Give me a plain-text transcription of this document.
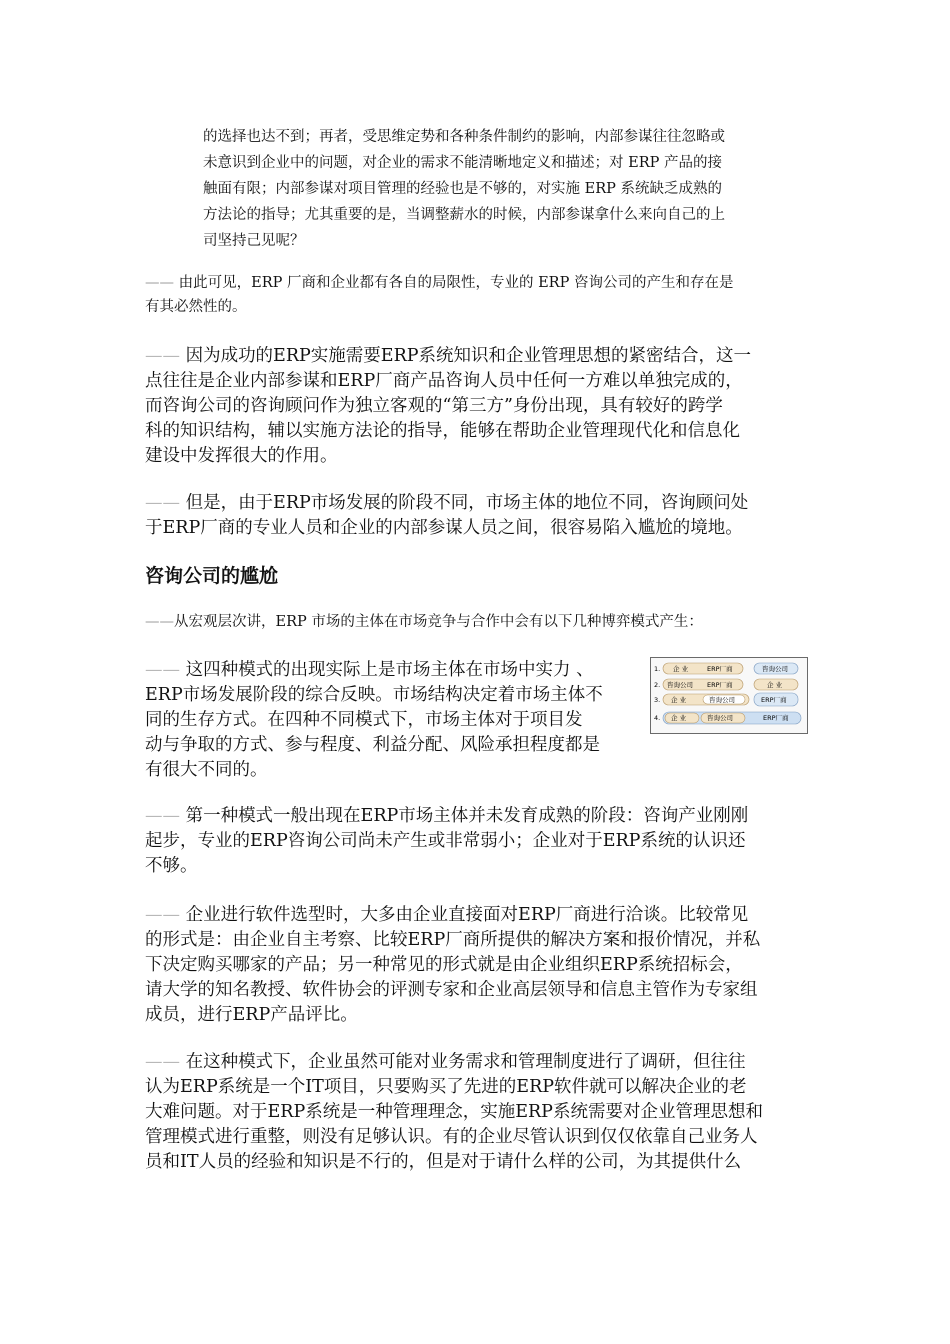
的选择也达不到；再者，受思维定势和各种条件制约的影响，内部参谋往往忽略或
未意识到企业中的问题，对企业的需求不能清晰地定义和描述；对 ERP 产品的接
触面有限；内部参谋对项目管理的经验也是不够的，对实施 ERP 系统缺乏成熟的
方法论的指导；尤其重要的是，当调整薪水的时候，内部参谋拿什么来向自己的上
司坚持己见呢？
—— 由此可见，ERP 厂商和企业都有各自的局限性，专业的 ERP 咨询公司的产生和存在是
有其必然性的。
—— 因为成功的ERP实施需要ERP系统知识和企业管理思想的紧密结合，这一
点往往是企业内部参谋和ERP厂商产品咨询人员中任何一方难以单独完成的，
而咨询公司的咨询顾问作为独立客观的“第三方”身份出现，具有较好的跨学
科的知识结构，辅以实施方法论的指导，能够在帮助企业管理现代化和信息化
建设中发挥很大的作用。
—— 但是，由于ERP市场发展的阶段不同，市场主体的地位不同，咨询顾问处
于ERP厂商的专业人员和企业的内部参谋人员之间，很容易陷入尴尬的境地。
咨询公司的尴尬
——从宏观层次讲，ERP 市场的主体在市场竞争与合作中会有以下几种博弈模式产生：
—— 这四种模式的出现实际上是市场主体在市场中实力 、
ERP市场发展阶段的综合反映。市场结构决定着市场主体不
同的生存方式。在四种不同模式下，市场主体对于项目发
动与争取的方式、参与程度、利益分配、风险承担程度都是
有很大不同的。
1. 企 业	ERP厂商	咨询公司
2. 咨询公司 ERP厂商	企 业
3. 企 业	咨询公司	ERP厂商
4. 企 业	咨询公司	ERP厂商
—— 第一种模式一般出现在ERP市场主体并未发育成熟的阶段：咨询产业刚刚
起步，专业的ERP咨询公司尚未产生或非常弱小；企业对于ERP系统的认识还
不够。
—— 企业进行软件选型时，大多由企业直接面对ERP厂商进行洽谈。比较常见
的形式是：由企业自主考察、比较ERP厂商所提供的解决方案和报价情况，并私
下决定购买哪家的产品；另一种常见的形式就是由企业组织ERP系统招标会，
请大学的知名教授、软件协会的评测专家和企业高层领导和信息主管作为专家组
成员，进行ERP产品评比。
—— 在这种模式下，企业虽然可能对业务需求和管理制度进行了调研，但往往
认为ERP系统是一个IT项目，只要购买了先进的ERP软件就可以解决企业的老
大难问题。对于ERP系统是一种管理理念，实施ERP系统需要对企业管理思想和
管理模式进行重整，则没有足够认识。有的企业尽管认识到仅仅依靠自己业务人
员和IT人员的经验和知识是不行的，但是对于请什么样的公司，为其提供什么
